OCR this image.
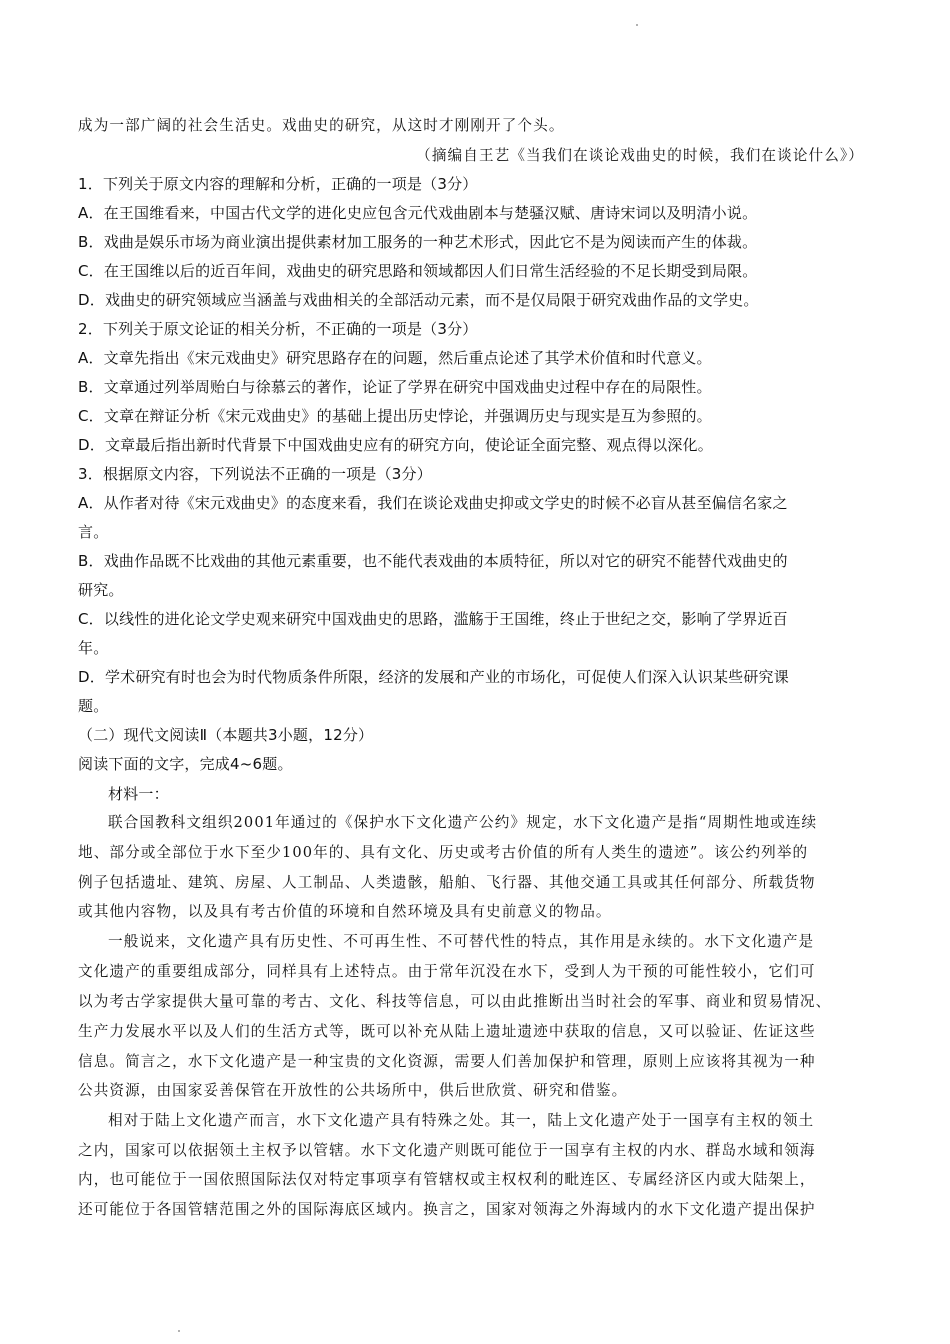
成为一部广阔的社会生活史。戏曲史的研究，从这时才刚刚开了个头。
（摘编自王艺《当我们在谈论戏曲史的时候，我们在谈论什么》）
1．下列关于原文内容的理解和分析，正确的一项是（3分）
A．在王国维看来，中国古代文学的进化史应包含元代戏曲剧本与楚骚汉赋、唐诗宋词以及明清小说。
B．戏曲是娱乐市场为商业演出提供素材加工服务的一种艺术形式，因此它不是为阅读而产生的体裁。
C．在王国维以后的近百年间，戏曲史的研究思路和领域都因人们日常生活经验的不足长期受到局限。
D．戏曲史的研究领域应当涵盖与戏曲相关的全部活动元素，而不是仅局限于研究戏曲作品的文学史。
2．下列关于原文论证的相关分析，不正确的一项是（3分）
A．文章先指出《宋元戏曲史》研究思路存在的问题，然后重点论述了其学术价值和时代意义。
B．文章通过列举周贻白与徐慕云的著作，论证了学界在研究中国戏曲史过程中存在的局限性。
C．文章在辩证分析《宋元戏曲史》的基础上提出历史悖论，并强调历史与现实是互为参照的。
D．文章最后指出新时代背景下中国戏曲史应有的研究方向，使论证全面完整、观点得以深化。
3．根据原文内容，下列说法不正确的一项是（3分）
A．从作者对待《宋元戏曲史》的态度来看，我们在谈论戏曲史抑或文学史的时候不必盲从甚至偏信名家之
言。
B．戏曲作品既不比戏曲的其他元素重要，也不能代表戏曲的本质特征，所以对它的研究不能替代戏曲史的
研究。
C．以线性的进化论文学史观来研究中国戏曲史的思路，滥觞于王国维，终止于世纪之交，影响了学界近百
年。
D．学术研究有时也会为时代物质条件所限，经济的发展和产业的市场化，可促使人们深入认识某些研究课
题。
（二）现代文阅读Ⅱ（本题共3小题，12分）
阅读下面的文字，完成4~6题。
材料一：
联合国教科文组织2001年通过的《保护水下文化遗产公约》规定，水下文化遗产是指“周期性地或连续
地、部分或全部位于水下至少100年的、具有文化、历史或考古价值的所有人类生的遗迹”。该公约列举的
例子包括遗址、建筑、房屋、人工制品、人类遗骸，船舶、飞行器、其他交通工具或其任何部分、所载货物
或其他内容物，以及具有考古价值的环境和自然环境及具有史前意义的物品。
一般说来，文化遗产具有历史性、不可再生性、不可替代性的特点，其作用是永续的。水下文化遗产是
文化遗产的重要组成部分，同样具有上述特点。由于常年沉没在水下，受到人为干预的可能性较小，它们可
以为考古学家提供大量可靠的考古、文化、科技等信息，可以由此推断出当时社会的军事、商业和贸易情况、
生产力发展水平以及人们的生活方式等，既可以补充从陆上遗址遗迹中获取的信息，又可以验证、佐证这些
信息。简言之，水下文化遗产是一种宝贵的文化资源，需要人们善加保护和管理，原则上应该将其视为一种
公共资源，由国家妥善保管在开放性的公共场所中，供后世欣赏、研究和借鉴。
相对于陆上文化遗产而言，水下文化遗产具有特殊之处。其一，陆上文化遗产处于一国享有主权的领土
之内，国家可以依据领土主权予以管辖。水下文化遗产则既可能位于一国享有主权的内水、群岛水域和领海
内，也可能位于一国依照国际法仅对特定事项享有管辖权或主权权利的毗连区、专属经济区内或大陆架上，
还可能位于各国管辖范围之外的国际海底区域内。换言之，国家对领海之外海域内的水下文化遗产提出保护
